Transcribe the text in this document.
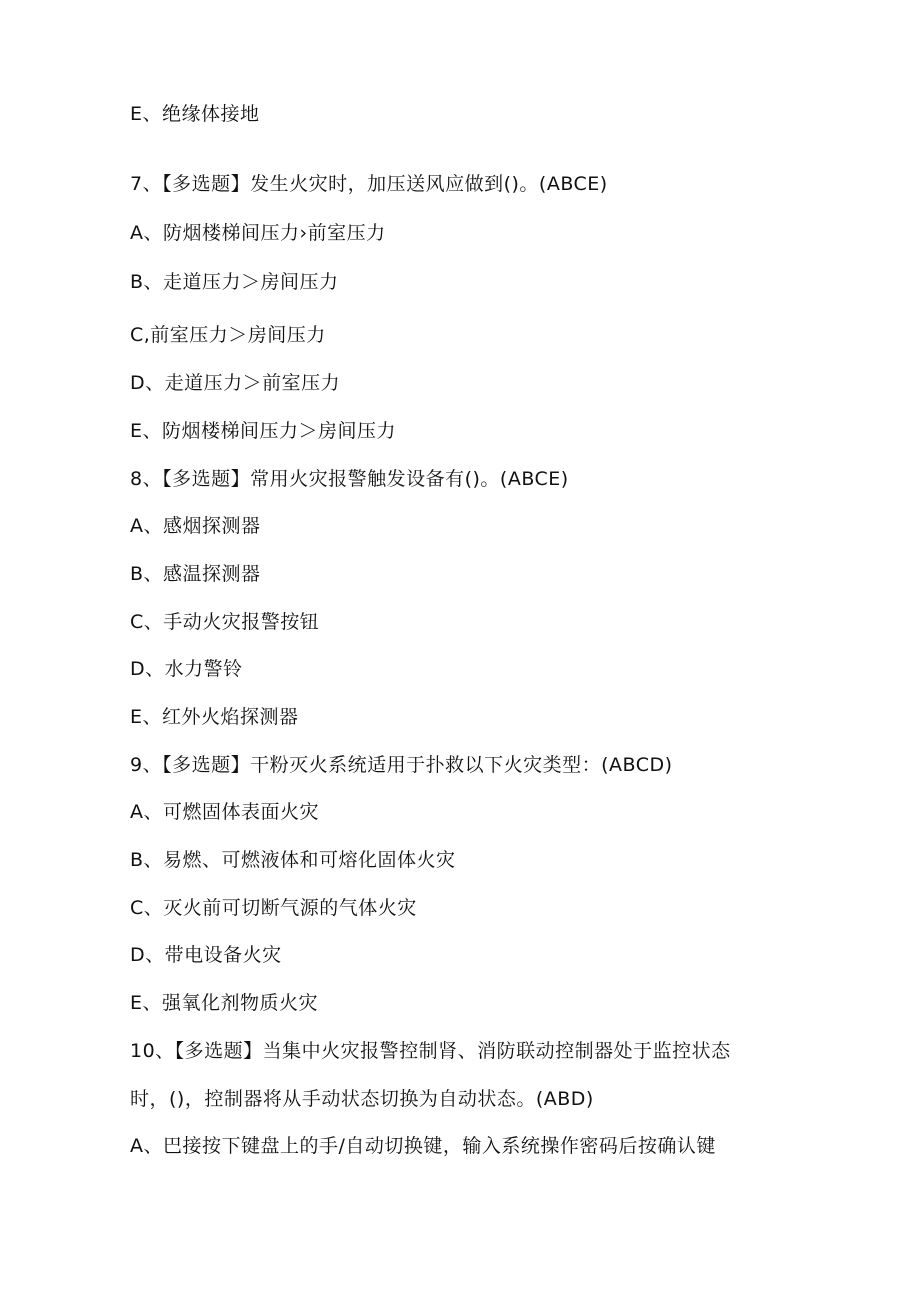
E、绝缘体接地
7、【多选题】发生火灾时，加压送风应做到()。(ABCE)
A、防烟楼梯间压力›前室压力
B、走道压力＞房间压力
C,前室压力＞房间压力
D、走道压力＞前室压力
E、防烟楼梯间压力＞房间压力
8、【多选题】常用火灾报警触发设备有()。(ABCE)
A、感烟探测器
B、感温探测器
C、手动火灾报警按钮
D、水力警铃
E、红外火焰探测器
9、【多选题】干粉灭火系统适用于扑救以下火灾类型：(ABCD)
A、可燃固体表面火灾
B、易燃、可燃液体和可熔化固体火灾
C、灭火前可切断气源的气体火灾
D、带电设备火灾
E、强氧化剂物质火灾
10、【多选题】当集中火灾报警控制肾、消防联动控制器处于监控状态
时，()，控制器将从手动状态切换为自动状态。(ABD)
A、巴接按下键盘上的手/自动切换键，输入系统操作密码后按确认键
